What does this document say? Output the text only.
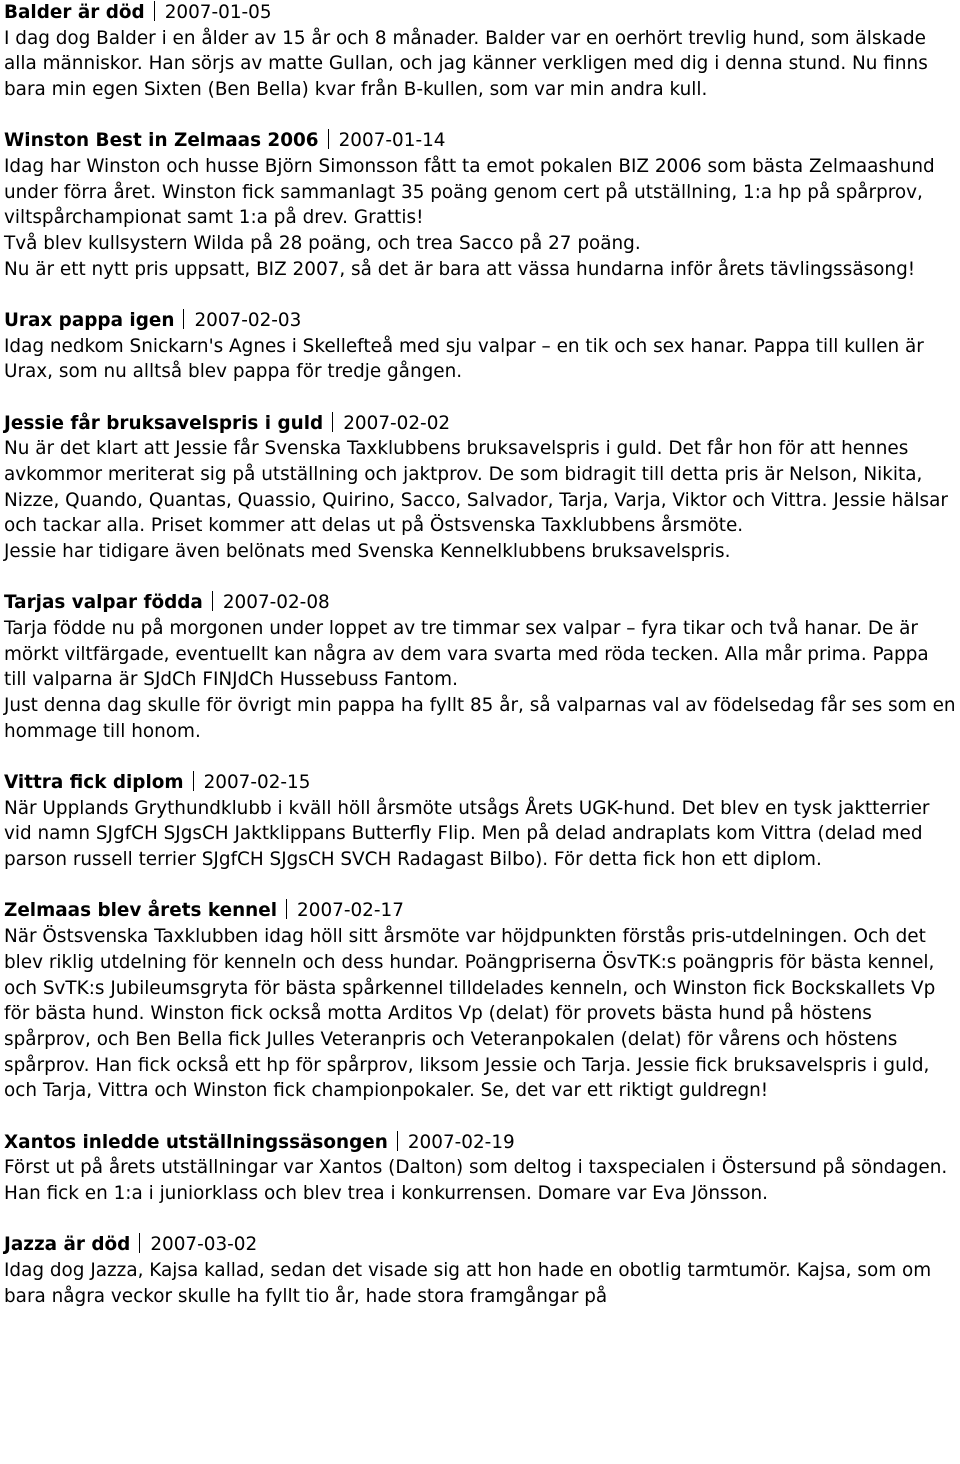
Balder är död 2007-01-05

I dag dog Balder i en ålder av 15 år och 8 månader. Balder var en oerhört trevlig hund, som älskade alla människor. Han sörjs av matte Gullan, och jag känner verkligen med dig i denna stund. Nu finns bara min egen Sixten (Ben Bella) kvar från B-kullen, som var min andra kull.

Winston Best in Zelmaas 2006 2007-01-14

Idag har Winston och husse Björn Simonsson fått ta emot pokalen BIZ 2006 som bästa Zelmaashund under förra året. Winston fick sammanlagt 35 poäng genom cert på utställning, 1:a hp på spårprov, viltspårchampionat samt 1:a på drev. Grattis!

Två blev kullsystern Wilda på 28 poäng, och trea Sacco på 27 poäng.

Nu är ett nytt pris uppsatt, BIZ 2007, så det är bara att vässa hundarna inför årets tävlingssäsong!

Urax pappa igen 2007-02-03

Idag nedkom Snickarn's Agnes i Skellefteå med sju valpar – en tik och sex hanar. Pappa till kullen är Urax, som nu alltså blev pappa för tredje gången.

Jessie får bruksavelspris i guld 2007-02-02

Nu är det klart att Jessie får Svenska Taxklubbens bruksavelspris i guld. Det får hon för att hennes avkommor meriterat sig på utställning och jaktprov. De som bidragit till detta pris är Nelson, Nikita, Nizze, Quando, Quantas, Quassio, Quirino, Sacco, Salvador, Tarja, Varja, Viktor och Vittra. Jessie hälsar och tackar alla. Priset kommer att delas ut på Östsvenska Taxklubbens årsmöte.

Jessie har tidigare även belönats med Svenska Kennelklubbens bruksavelspris.

Tarjas valpar födda 2007-02-08

Tarja födde nu på morgonen under loppet av tre timmar sex valpar – fyra tikar och två hanar. De är mörkt viltfärgade, eventuellt kan några av dem vara svarta med röda tecken. Alla mår prima. Pappa till valparna är SJdCh FINJdCh Hussebuss Fantom.

Just denna dag skulle för övrigt min pappa ha fyllt 85 år, så valparnas val av födelsedag får ses som en hommage till honom.

Vittra fick diplom 2007-02-15

När Upplands Grythundklubb i kväll höll årsmöte utsågs Årets UGK-hund. Det blev en tysk jaktterrier vid namn SJgfCH SJgsCH Jaktklippans Butterfly Flip. Men på delad andraplats kom Vittra (delad med parson russell terrier SJgfCH SJgsCH SVCH Radagast Bilbo). För detta fick hon ett diplom.

Zelmaas blev årets kennel 2007-02-17

När Östsvenska Taxklubben idag höll sitt årsmöte var höjdpunkten förstås pris-utdelningen. Och det blev riklig utdelning för kenneln och dess hundar. Poängpriserna ÖsvTK:s poängpris för bästa kennel, och SvTK:s Jubileumsgryta för bästa spårkennel tilldelades kenneln, och Winston fick Bockskallets Vp för bästa hund. Winston fick också motta Arditos Vp (delat) för provets bästa hund på höstens spårprov, och Ben Bella fick Julles Veteranpris och Veteranpokalen (delat) för vårens och höstens spårprov. Han fick också ett hp för spårprov, liksom Jessie och Tarja. Jessie fick bruksavelspris i guld, och Tarja, Vittra och Winston fick championpokaler. Se, det var ett riktigt guldregn!

Xantos inledde utställningssäsongen 2007-02-19

Först ut på årets utställningar var Xantos (Dalton) som deltog i taxspecialen i Östersund på söndagen. Han fick en 1:a i juniorklass och blev trea i konkurrensen. Domare var Eva Jönsson.

Jazza är död 2007-03-02

Idag dog Jazza, Kajsa kallad, sedan det visade sig att hon hade en obotlig tarmtumör. Kajsa, som om bara några veckor skulle ha fyllt tio år, hade stora framgångar på
